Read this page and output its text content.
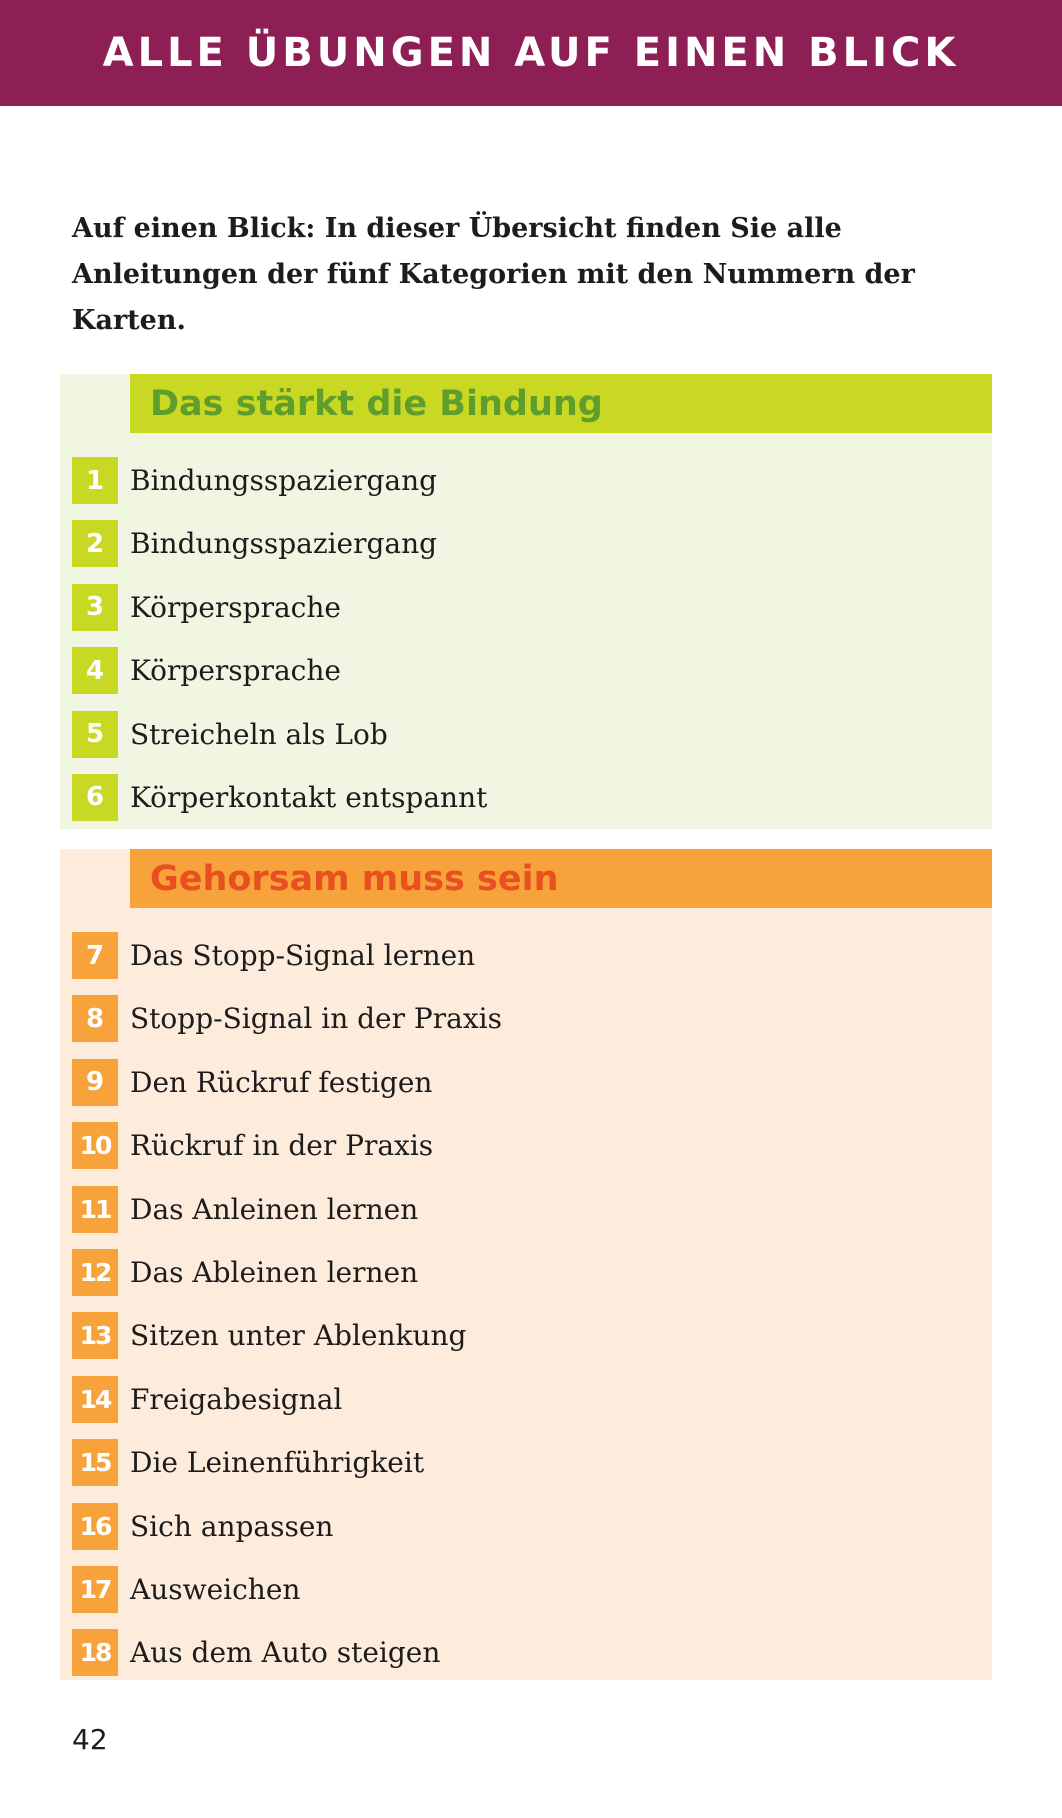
ALLE ÜBUNGEN AUF EINEN BLICK

Auf einen Blick: In dieser Übersicht finden Sie alle Anleitungen der fünf Kategorien mit den Nummern der Karten.

Das stärkt die Bindung
1 Bindungsspaziergang
2 Bindungsspaziergang
3 Körpersprache
4 Körpersprache
5 Streicheln als Lob
6 Körperkontakt entspannt
Gehorsam muss sein
7 Das Stopp-Signal lernen
8 Stopp-Signal in der Praxis
9 Den Rückruf festigen
10 Rückruf in der Praxis
11 Das Anleinen lernen
12 Das Ableinen lernen
13 Sitzen unter Ablenkung
14 Freigabesignal
15 Die Leinenführigkeit
16 Sich anpassen
17 Ausweichen
18 Aus dem Auto steigen
42
